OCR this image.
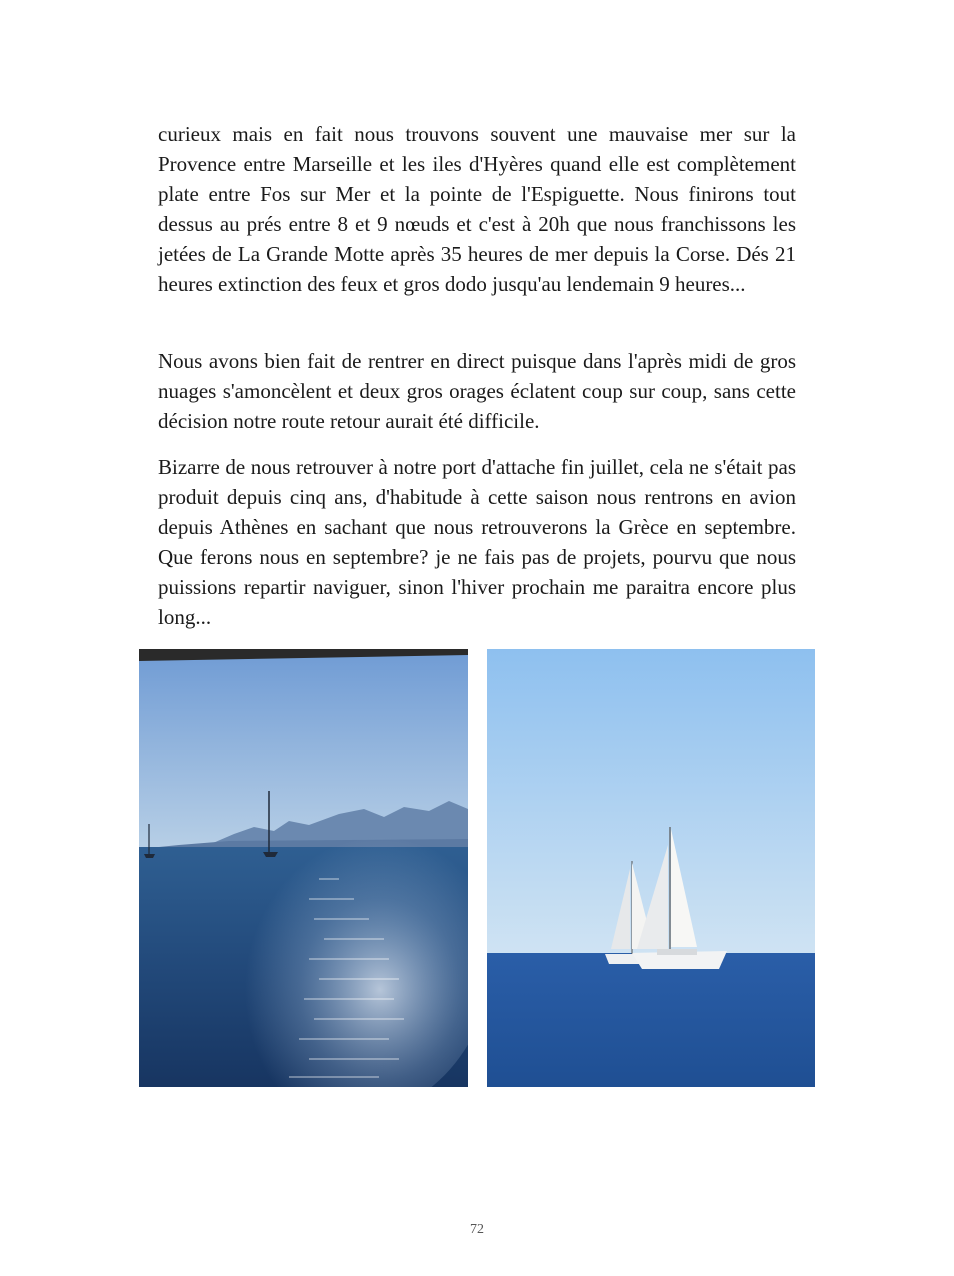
curieux mais en fait nous trouvons souvent une mauvaise mer sur la Provence entre Marseille et les iles d'Hyères quand elle est complètement plate entre Fos sur Mer et la pointe de l'Espiguette. Nous finirons tout dessus au prés entre 8 et 9 nœuds et c'est à 20h que nous franchissons les jetées de La Grande Motte après 35 heures de mer depuis la Corse. Dés 21 heures extinction des feux et gros dodo jusqu'au lendemain 9 heures...

Nous avons bien fait de rentrer en direct puisque dans l'après midi de gros nuages s'amoncèlent et deux gros orages éclatent coup sur coup, sans cette décision notre route retour aurait été difficile.

Bizarre de nous retrouver à notre port d'attache fin juillet, cela ne s'était pas produit depuis cinq ans, d'habitude à cette saison nous rentrons en avion depuis Athènes en sachant que nous retrouverons la Grèce en septembre. Que ferons nous en septembre? je ne fais pas de projets, pourvu que nous puissions repartir naviguer, sinon l'hiver prochain me paraitra encore plus long...

72
